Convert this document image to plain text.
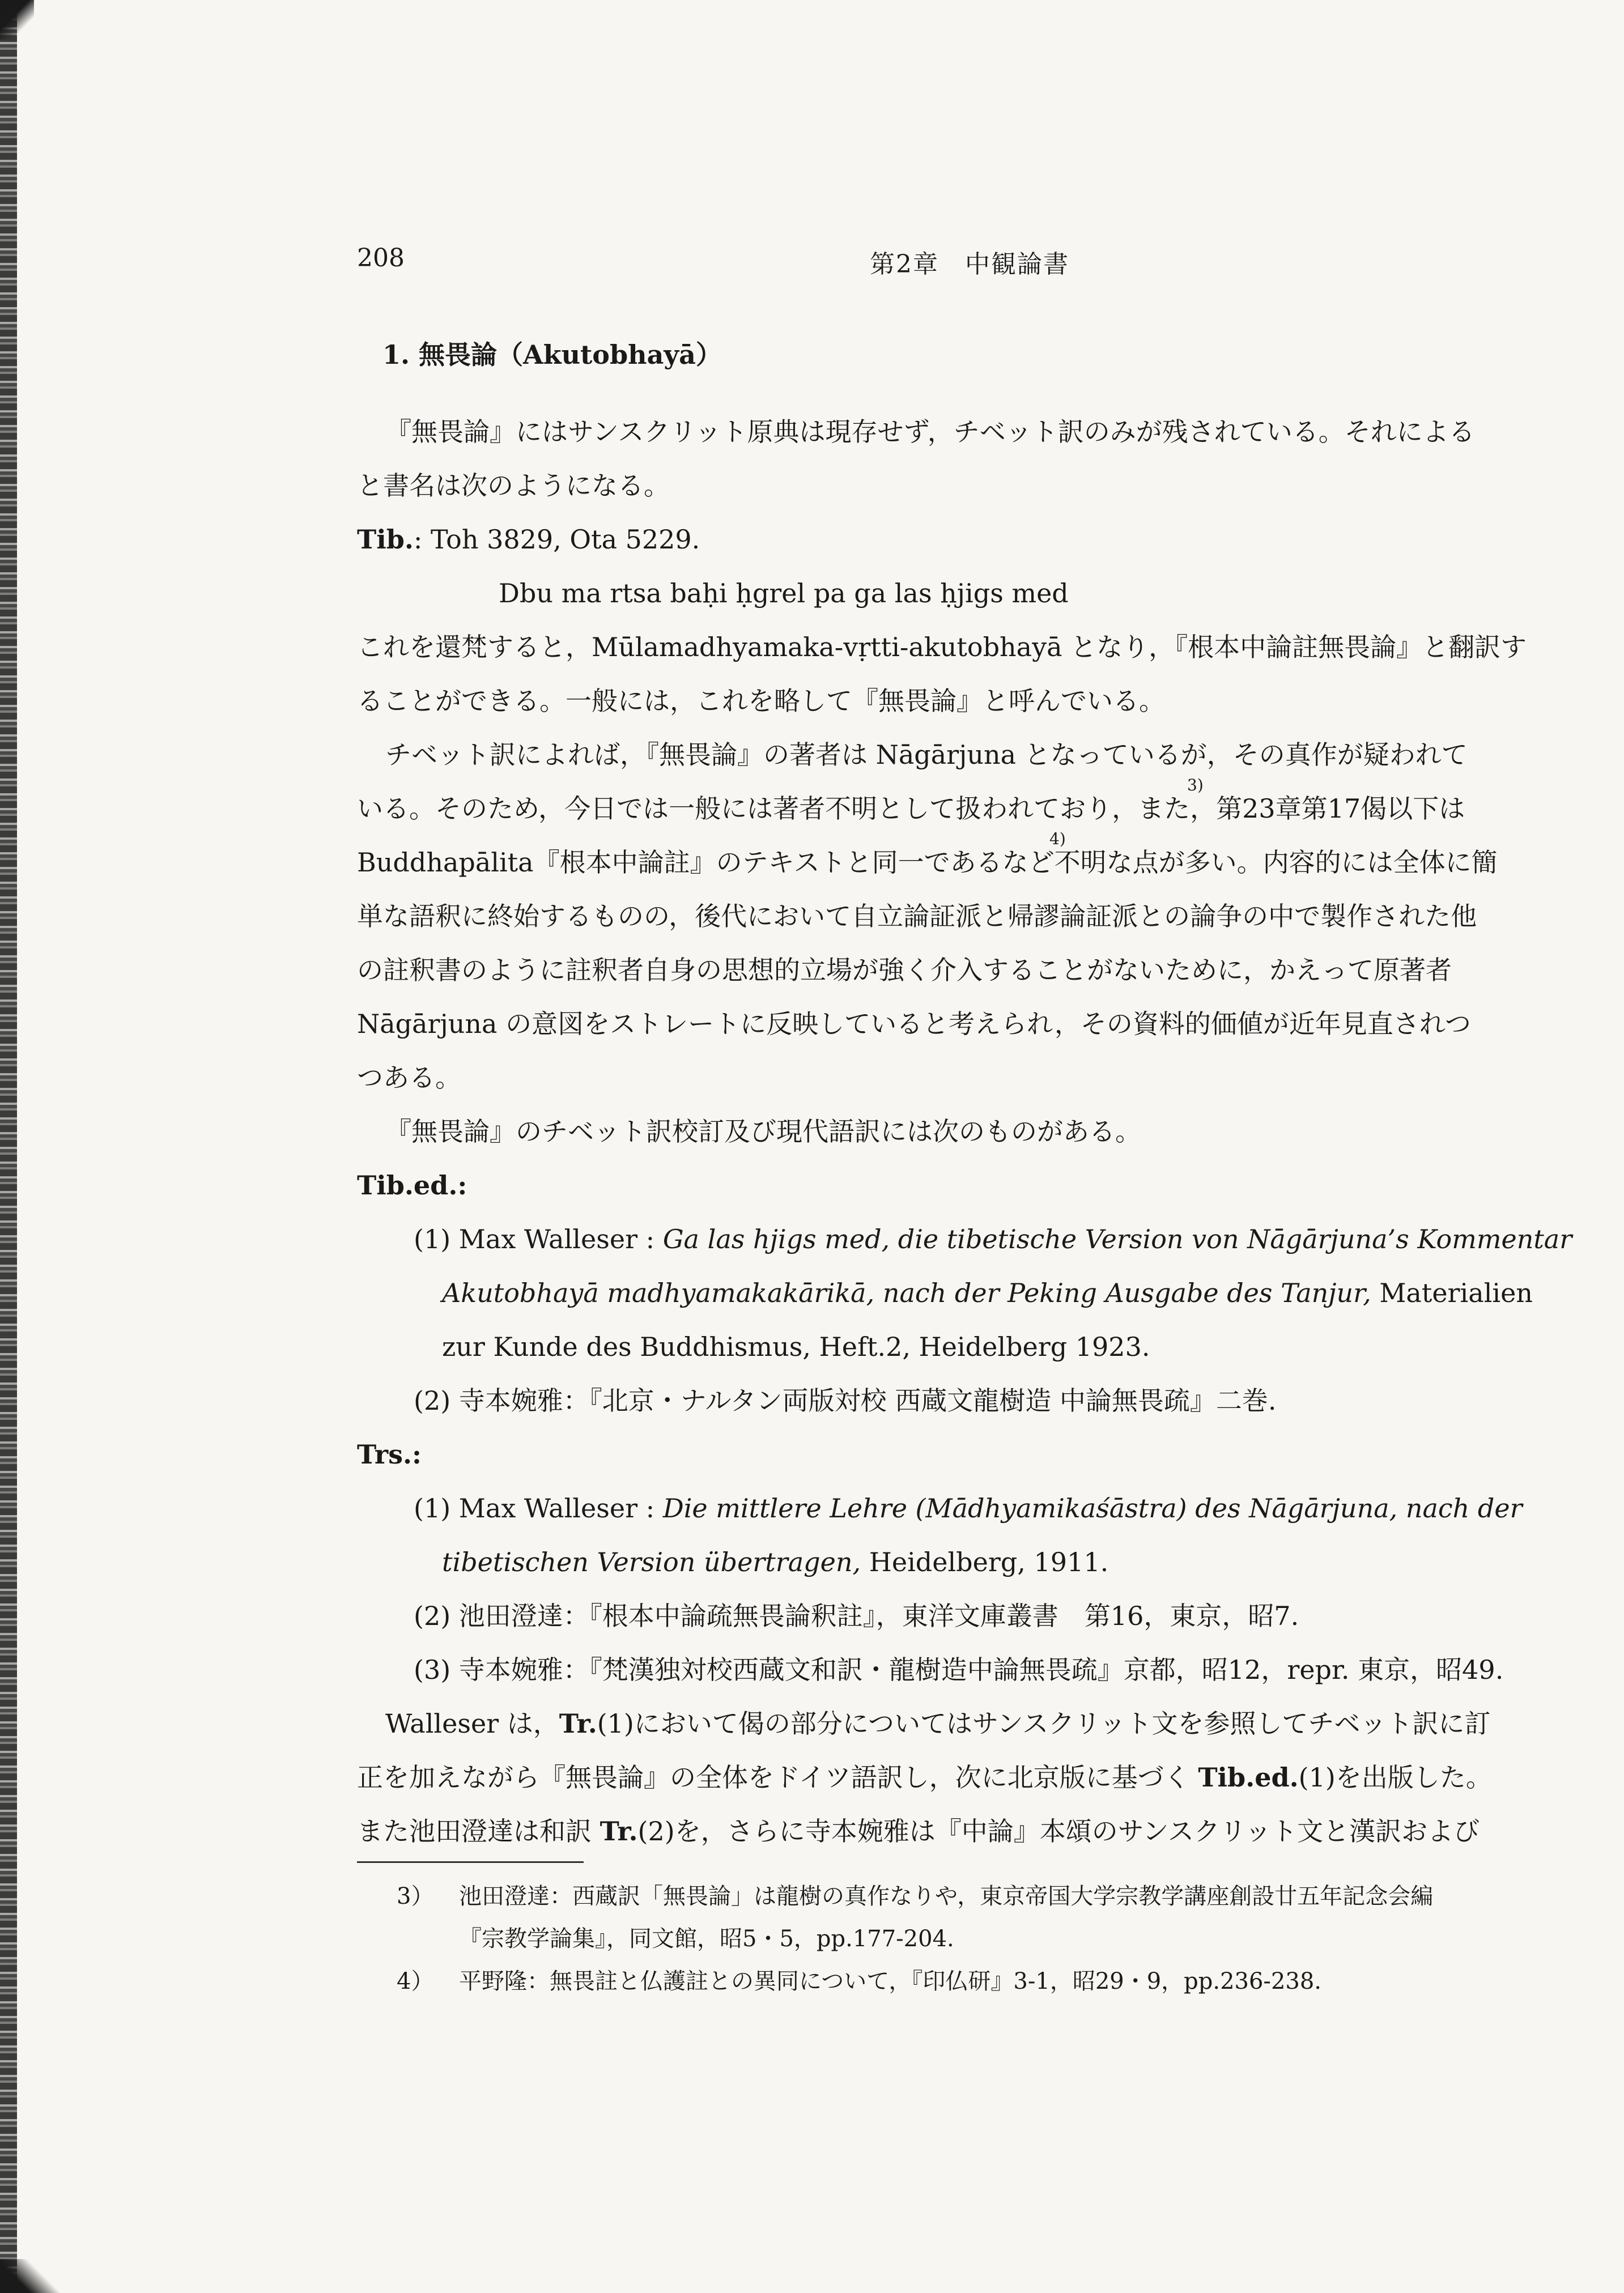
208	第2章　中観論書
1. 無畏論（Akutobhayā）
『無畏論』にはサンスクリット原典は現存せず，チベット訳のみが残されている。それによる
と書名は次のようになる。
Tib.: Toh 3829, Ota 5229.
Dbu ma rtsa baḥi ḥgrel pa ga las ḥjigs med
これを還梵すると，Mūlamadhyamaka-vṛtti-akutobhayā となり，『根本中論註無畏論』と翻訳す
ることができる。一般には，これを略して『無畏論』と呼んでいる。
チベット訳によれば，『無畏論』の著者は Nāgārjuna となっているが，その真作が疑われて
いる。そのため，今日では一般には著者不明として扱われており，また，第23章第17偈以下は
3)
Buddhapālita『根本中論註』のテキストと同一であるなど不明な点が多い。内容的には全体に簡
4)
単な語釈に終始するものの，後代において自立論証派と帰謬論証派との論争の中で製作された他
の註釈書のように註釈者自身の思想的立場が強く介入することがないために，かえって原著者
Nāgārjuna の意図をストレートに反映していると考えられ，その資料的価値が近年見直されつ
つある。
『無畏論』のチベット訳校訂及び現代語訳には次のものがある。
Tib.ed.:
(1) Max Walleser : Ga las hjigs med, die tibetische Version von Nāgārjuna’s Kommentar
Akutobhayā madhyamakakārikā, nach der Peking Ausgabe des Tanjur, Materialien
zur Kunde des Buddhismus, Heft.2, Heidelberg 1923.
(2) 寺本婉雅：『北京・ナルタン両版対校 西蔵文龍樹造 中論無畏疏』二巻.
Trs.:
(1) Max Walleser : Die mittlere Lehre (Mādhyamikaśāstra) des Nāgārjuna, nach der
tibetischen Version übertragen, Heidelberg, 1911.
(2) 池田澄達：『根本中論疏無畏論釈註』，東洋文庫叢書　第16，東京，昭7.
(3) 寺本婉雅：『梵漢独対校西蔵文和訳・龍樹造中論無畏疏』京都，昭12，repr. 東京，昭49.
Walleser は，Tr.(1)において偈の部分についてはサンスクリット文を参照してチベット訳に訂
正を加えながら『無畏論』の全体をドイツ語訳し，次に北京版に基づく Tib.ed.(1)を出版した。
また池田澄達は和訳 Tr.(2)を，さらに寺本婉雅は『中論』本頌のサンスクリット文と漢訳および
3） 池田澄達：西蔵訳「無畏論」は龍樹の真作なりや，東京帝国大学宗教学講座創設廿五年記念会編
『宗教学論集』，同文館，昭5・5，pp.177-204.
4） 平野隆：無畏註と仏護註との異同について，『印仏研』3-1，昭29・9，pp.236-238.
